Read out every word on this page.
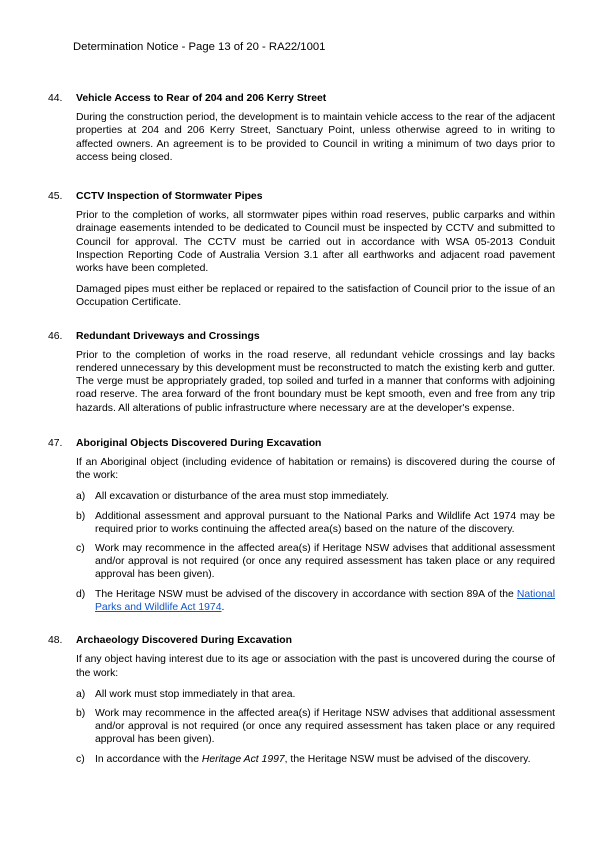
Determination Notice - Page 13 of 20 - RA22/1001
44.	Vehicle Access to Rear of 204 and 206 Kerry Street

During the construction period, the development is to maintain vehicle access to the rear of the adjacent properties at 204 and 206 Kerry Street, Sanctuary Point, unless otherwise agreed to in writing to affected owners. An agreement is to be provided to Council in writing a minimum of two days prior to access being closed.

45.	CCTV Inspection of Stormwater Pipes

Prior to the completion of works, all stormwater pipes within road reserves, public carparks and within drainage easements intended to be dedicated to Council must be inspected by CCTV and submitted to Council for approval. The CCTV must be carried out in accordance with WSA 05-2013 Conduit Inspection Reporting Code of Australia Version 3.1 after all earthworks and adjacent road pavement works have been completed.

Damaged pipes must either be replaced or repaired to the satisfaction of Council prior to the issue of an Occupation Certificate.

46.	Redundant Driveways and Crossings

Prior to the completion of works in the road reserve, all redundant vehicle crossings and lay backs rendered unnecessary by this development must be reconstructed to match the existing kerb and gutter. The verge must be appropriately graded, top soiled and turfed in a manner that conforms with adjoining road reserve. The area forward of the front boundary must be kept smooth, even and free from any trip hazards. All alterations of public infrastructure where necessary are at the developer's expense.

47.	Aboriginal Objects Discovered During Excavation

If an Aboriginal object (including evidence of habitation or remains) is discovered during the course of the work:

a) All excavation or disturbance of the area must stop immediately.
b) Additional assessment and approval pursuant to the National Parks and Wildlife Act 1974 may be required prior to works continuing the affected area(s) based on the nature of the discovery.
c) Work may recommence in the affected area(s) if Heritage NSW advises that additional assessment and/or approval is not required (or once any required assessment has taken place or any required approval has been given).
d) The Heritage NSW must be advised of the discovery in accordance with section 89A of the National Parks and Wildlife Act 1974.
48.	Archaeology Discovered During Excavation

If any object having interest due to its age or association with the past is uncovered during the course of the work:

a) All work must stop immediately in that area.
b) Work may recommence in the affected area(s) if Heritage NSW advises that additional assessment and/or approval is not required (or once any required assessment has taken place or any required approval has been given).
c) In accordance with the Heritage Act 1997, the Heritage NSW must be advised of the discovery.
